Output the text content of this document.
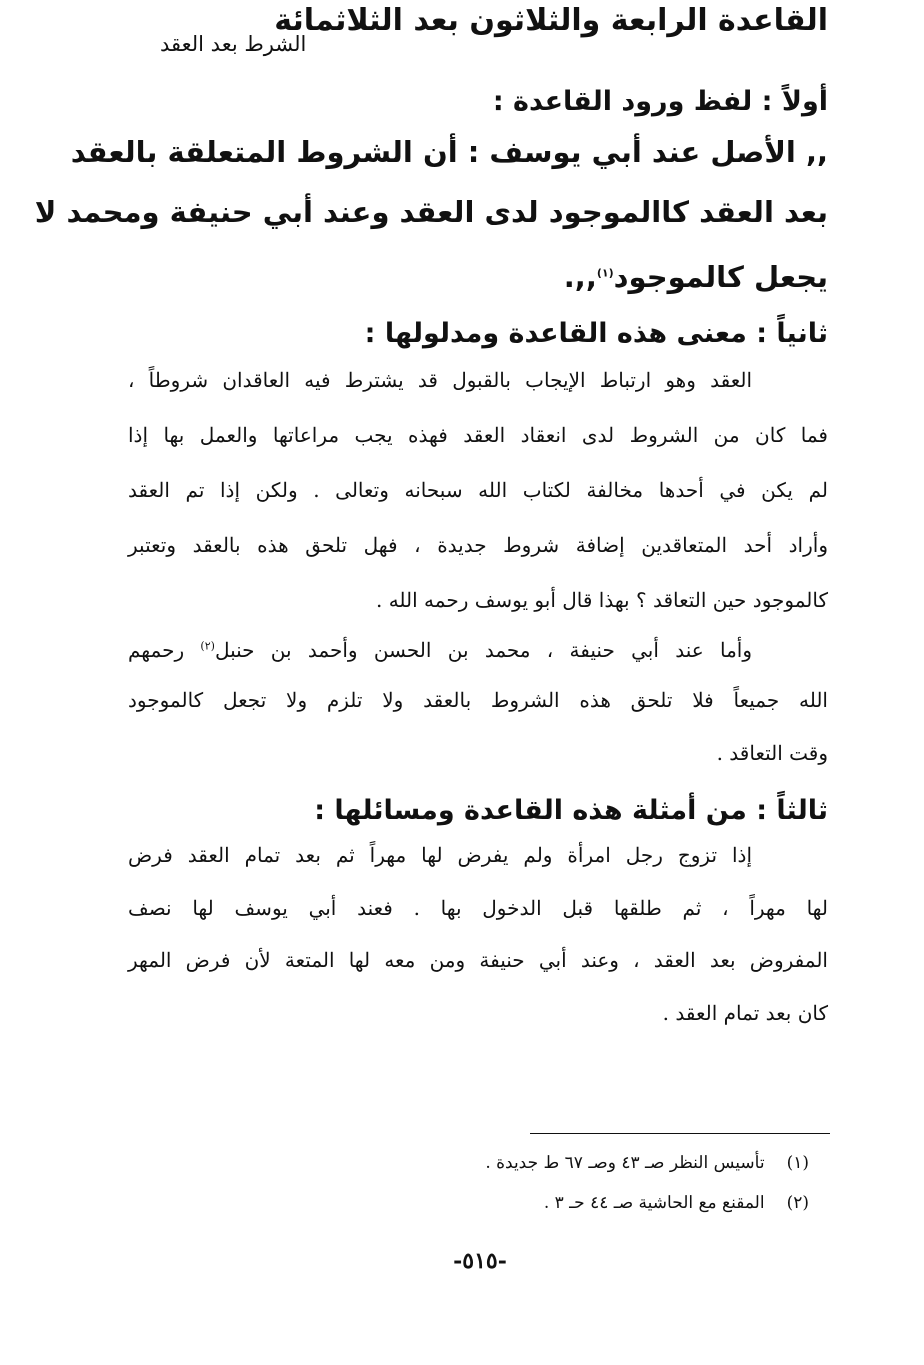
القاعدة الرابعة والثلاثون بعد الثلاثمائة
الشرط بعد العقد
أولاً : لفظ ورود القاعدة :
,, الأصل عند أبي يوسف : أن الشروط المتعلقة بالعقد
بعد العقد كاالموجود لدى العقد وعند أبي حنيفة ومحمد لا
يجعل كالموجود$^{(١)}$,,.
ثانياً : معنى هذه القاعدة ومدلولها :
العقد وهو ارتباط الإيجاب بالقبول قد يشترط فيه العاقدان شروطاً ،
فما كان من الشروط لدى انعقاد العقد فهذه يجب مراعاتها والعمل بها إذا
لم يكن في أحدها مخالفة لكتاب الله سبحانه وتعالى . ولكن إذا تم العقد
وأراد أحد المتعاقدين إضافة شروط جديدة ، فهل تلحق هذه بالعقد وتعتبر
كالموجود حين التعاقد ؟ بهذا قال أبو يوسف رحمه الله .
وأما عند أبي حنيفة ، محمد بن الحسن وأحمد بن حنبل$^{(٢)}$ رحمهم
الله جميعاً فلا تلحق هذه الشروط بالعقد ولا تلزم ولا تجعل كالموجود
وقت التعاقد .
ثالثاً : من أمثلة هذه القاعدة ومسائلها :
إذا تزوج رجل امرأة ولم يفرض لها مهراً ثم بعد تمام العقد فرض
لها مهراً ، ثم طلقها قبل الدخول بها . فعند أبي يوسف لها نصف
المفروض بعد العقد ، وعند أبي حنيفة ومن معه لها المتعة لأن فرض المهر
كان بعد تمام العقد .
(١)تأسيس النظر صـ ٤٣ وصـ ٦٧ ط جديدة .
(٢)المقنع مع الحاشية صـ ٤٤ حـ ٣ .
-٥١٥-
